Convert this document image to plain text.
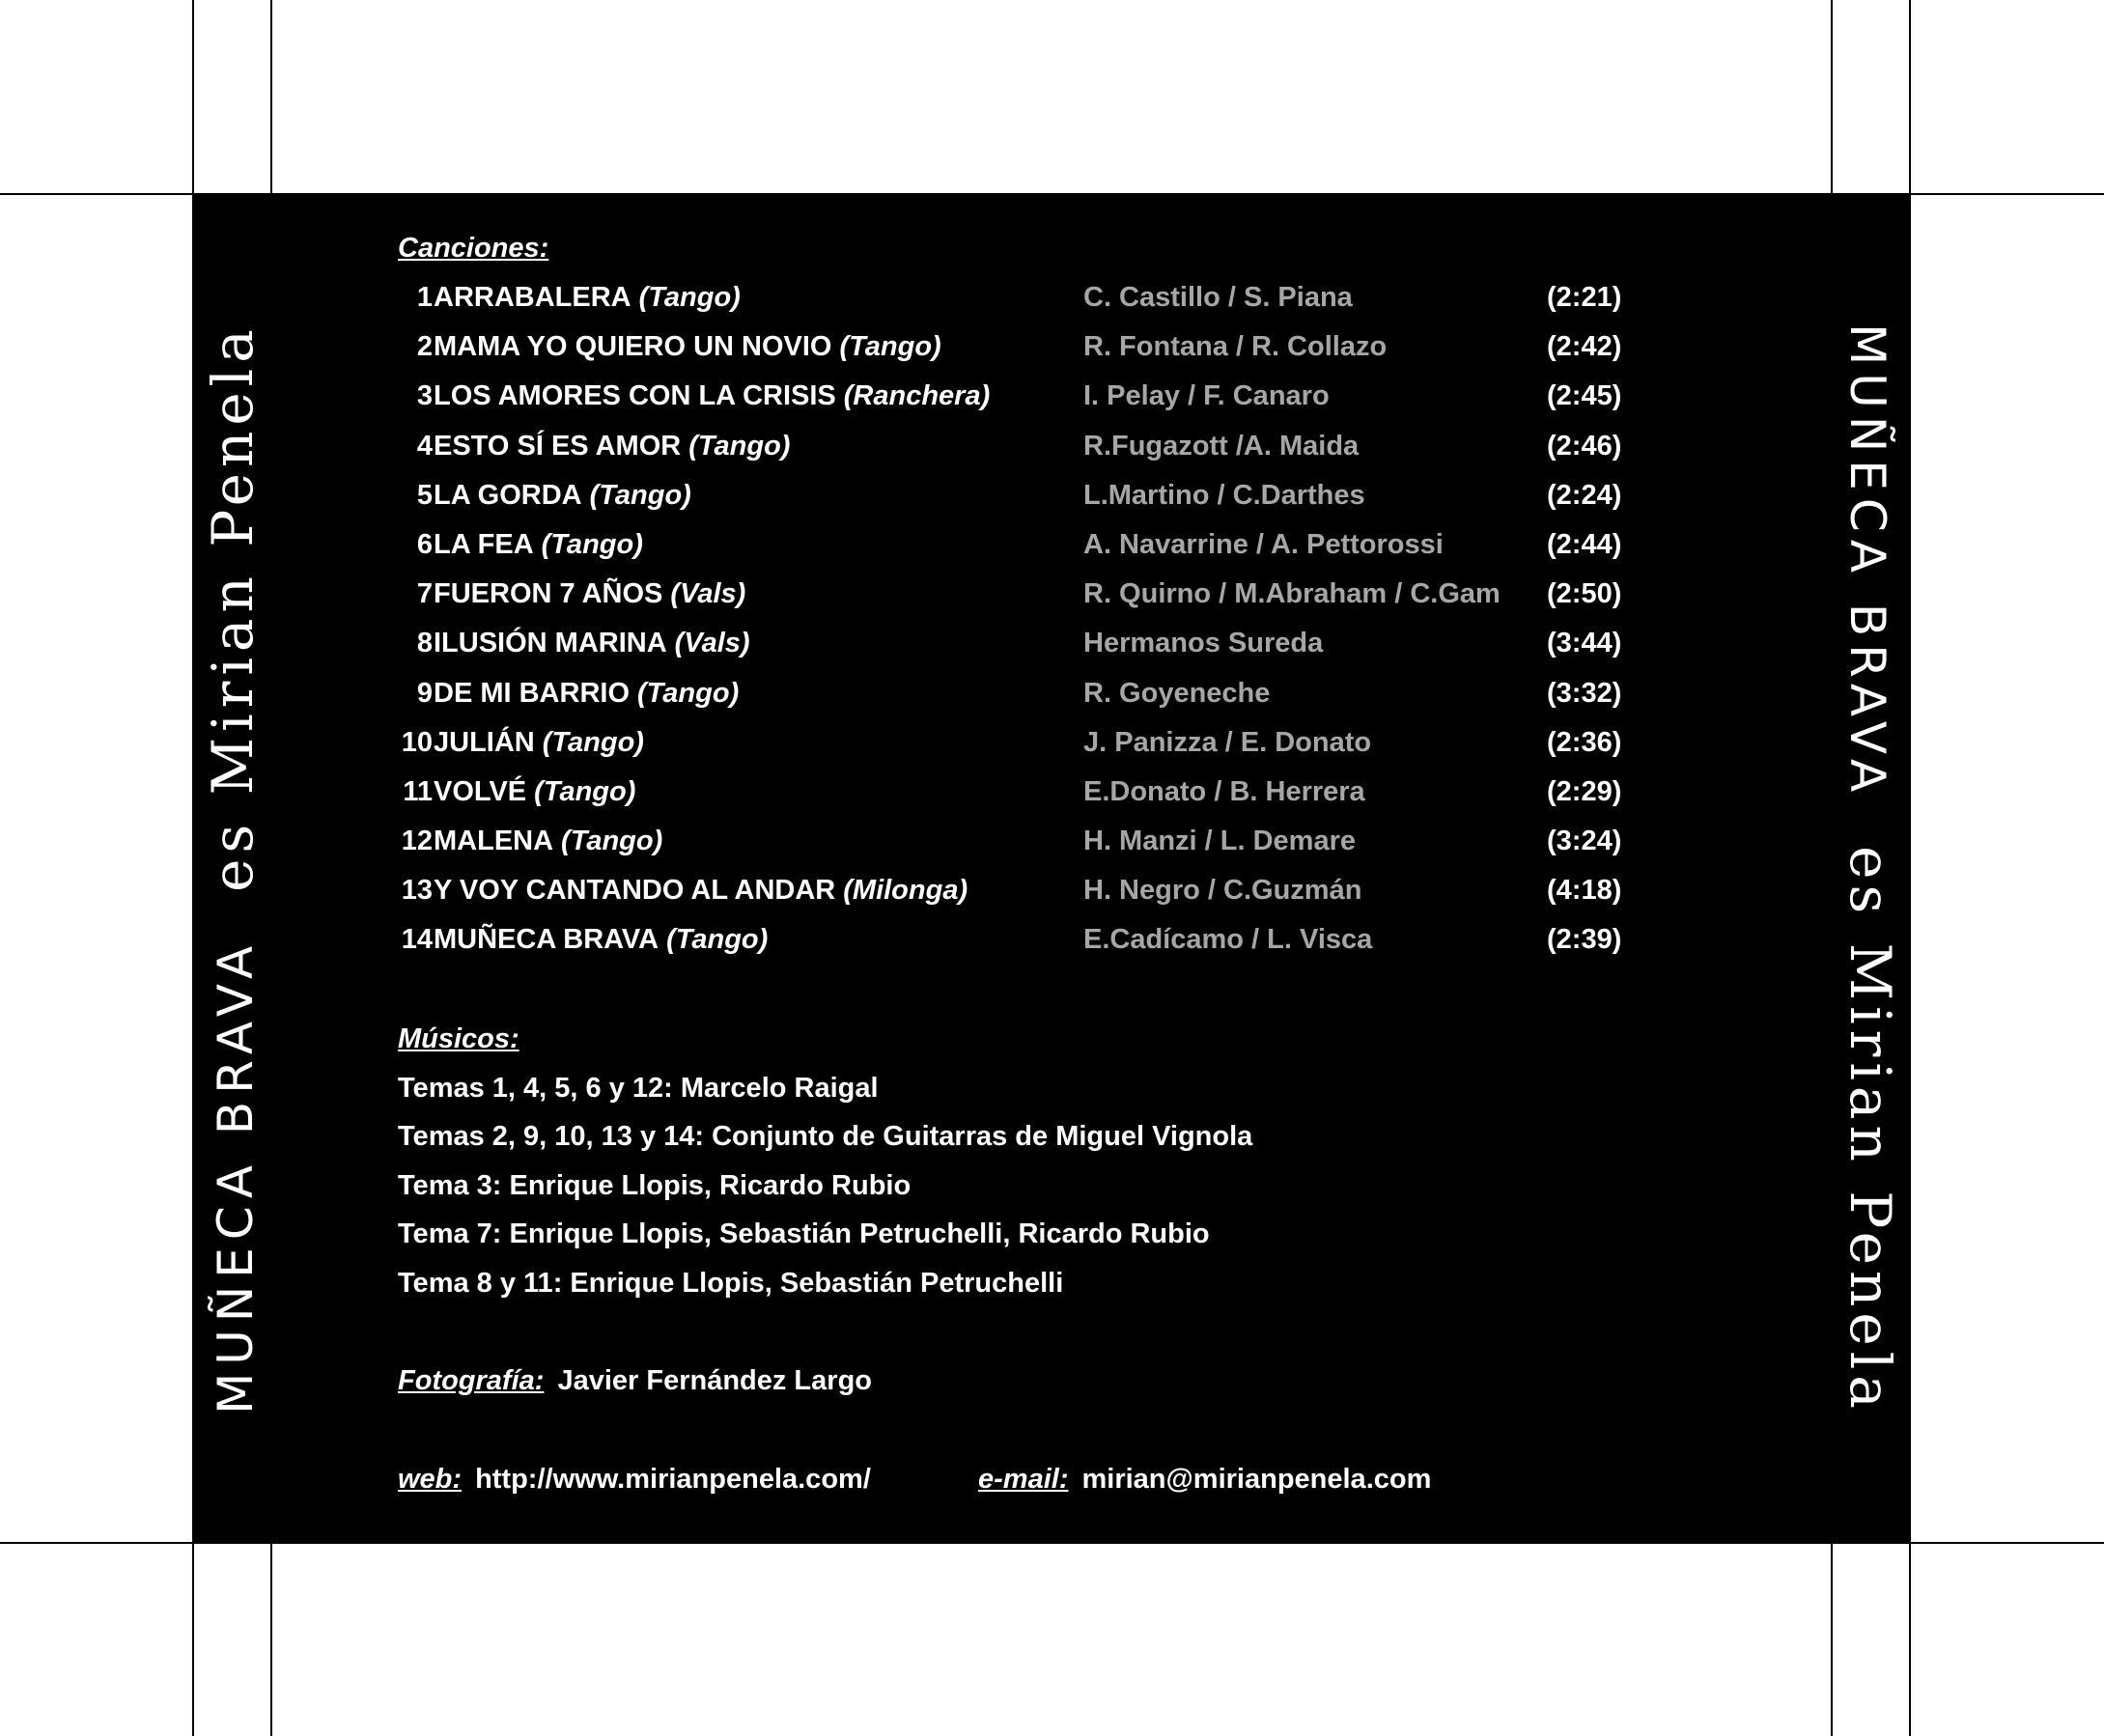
MUÑECA BRAVAes Mirian Penela	MUÑECA BRAVAes Mirian Penela
Canciones:
1 ARRABALERA (Tango)	C. Castillo / S. Piana	(2:21)
2 MAMA YO QUIERO UN NOVIO (Tango)	R. Fontana / R. Collazo	(2:42)
3 LOS AMORES CON LA CRISIS (Ranchera)	I. Pelay / F. Canaro	(2:45)
4 ESTO SÍ ES AMOR (Tango)	R.Fugazott /A. Maida	(2:46)
5 LA GORDA (Tango)	L.Martino / C.Darthes	(2:24)
6 LA FEA (Tango)	A. Navarrine / A. Pettorossi	(2:44)
7 FUERON 7 AÑOS (Vals)	R. Quirno / M.Abraham / C.Gam	(2:50)
8 ILUSIÓN MARINA (Vals)	Hermanos Sureda	(3:44)
9 DE MI BARRIO (Tango)	R. Goyeneche	(3:32)
10 JULIÁN (Tango)	J. Panizza / E. Donato	(2:36)
11 VOLVÉ (Tango)	E.Donato / B. Herrera	(2:29)
12 MALENA (Tango)	H. Manzi / L. Demare	(3:24)
13 Y VOY CANTANDO AL ANDAR (Milonga)	H. Negro / C.Guzmán	(4:18)
14 MUÑECA BRAVA (Tango)	E.Cadícamo / L. Visca	(2:39)
Músicos:
Temas 1, 4, 5, 6 y 12: Marcelo Raigal
Temas 2, 9, 10, 13 y 14: Conjunto de Guitarras de Miguel Vignola
Tema 3: Enrique Llopis, Ricardo Rubio
Tema 7: Enrique Llopis, Sebastián Petruchelli, Ricardo Rubio
Tema 8 y 11: Enrique Llopis, Sebastián Petruchelli
Fotografía: Javier Fernández Largo
web: http://www.mirianpenela.com/	e-mail: mirian@mirianpenela.com
